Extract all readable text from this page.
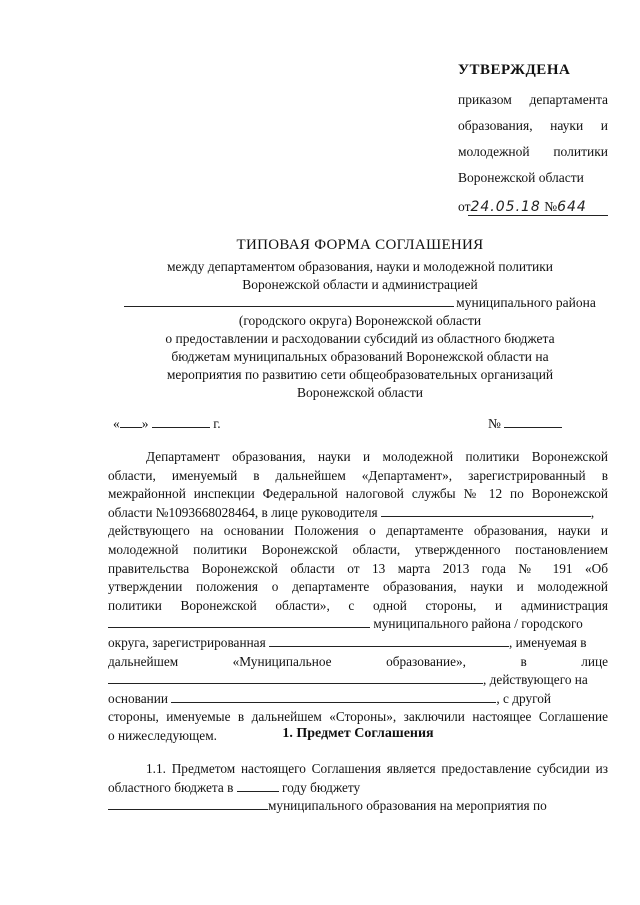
УТВЕРЖДЕНА
приказом департамента
образования, науки и
молодежной политики
Воронежской области
от24.05.18 №644
ТИПОВАЯ ФОРМА СОГЛАШЕНИЯ
между департаментом образования, науки и молодежной политики
Воронежской области и администрацией
муниципального района
(городского округа) Воронежской области
о предоставлении и расходовании субсидий из областного бюджета
бюджетам муниципальных образований Воронежской области на
мероприятия по развитию сети общеобразовательных организаций
Воронежской области
« »	г.	№
Департамент образования, науки и молодежной политики Воронежской
области, именуемый в дальнейшем «Департамент», зарегистрированный в
межрайонной инспекции Федеральной налоговой службы № 12 по Воронежской
области №1093668028464, в лице руководителя	,
действующего на основании Положения о департаменте образования, науки и
молодежной политики Воронежской области, утвержденного постановлением
правительства Воронежской области от 13 марта 2013 года № 191 «Об
утверждении положения о департаменте образования, науки и молодежной
политики Воронежской области», с одной стороны, и администрация
муниципального района / городского
округа, зарегистрированная	, именуемая в
дальнейшем «Муниципальное образование», в лице
, действующего на
основании	, с другой
стороны, именуемые в дальнейшем «Стороны», заключили настоящее Соглашение
о нижеследующем.	1. Предмет Соглашения
1.1. Предметом настоящего Соглашения является предоставление субсидии из
областного бюджета в	году бюджету
муниципального образования на мероприятия по
